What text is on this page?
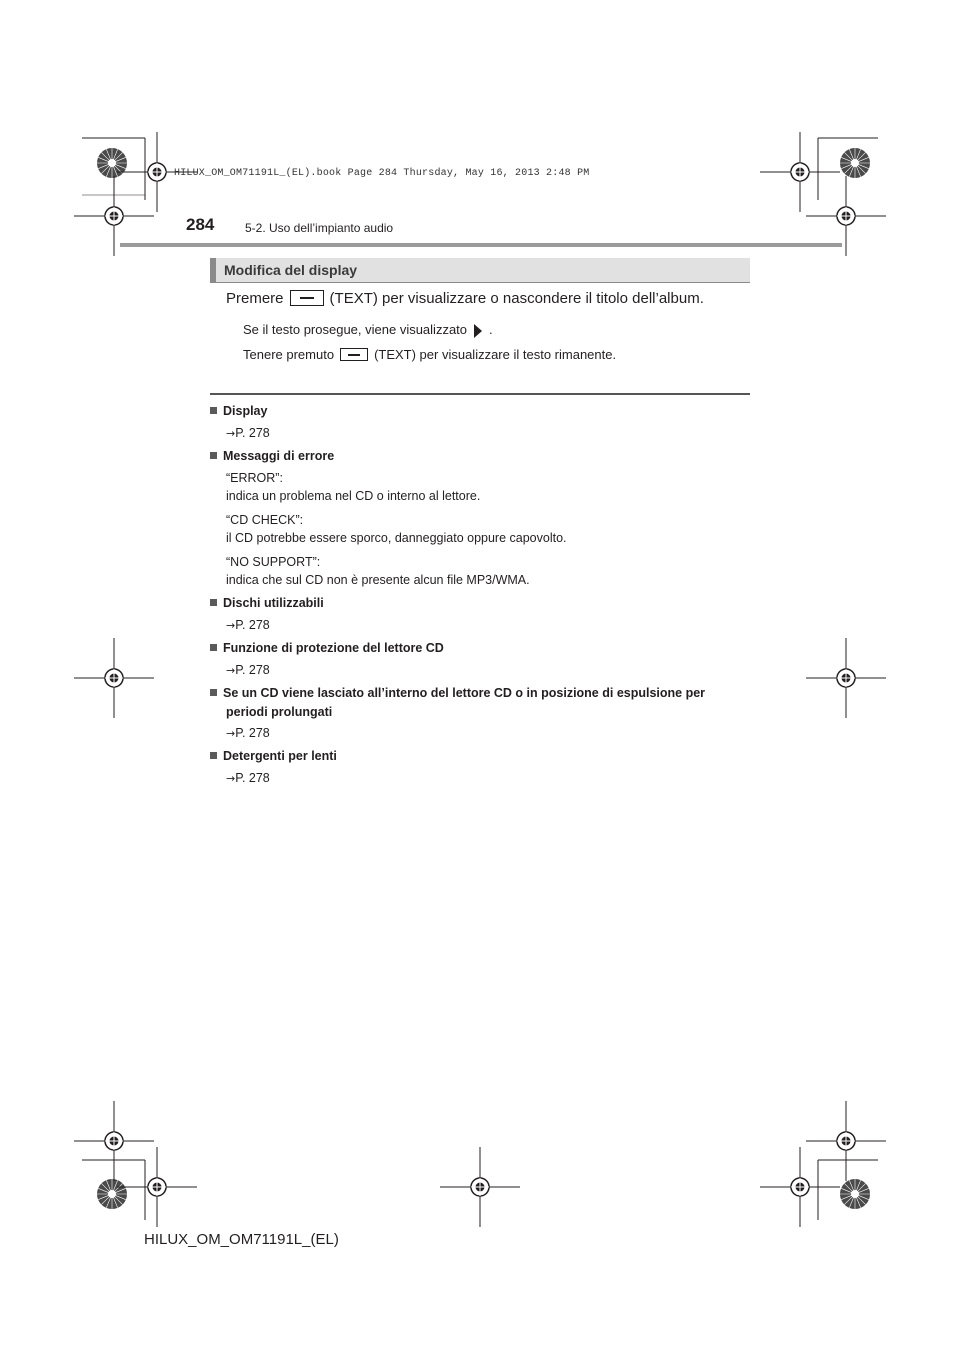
HILUX_OM_OM71191L_(EL).book Page 284 Thursday, May 16, 2013 2:48 PM
284	5-2. Uso dell’impianto audio
Modifica del display
Premere	(TEXT) per visualizzare o nascondere il titolo dell’album.
Se il testo prosegue, viene visualizzato .
Tenere premuto	(TEXT) per visualizzare il testo rimanente.
Display
→P. 278
Messaggi di errore
“ERROR”:
indica un problema nel CD o interno al lettore.
“CD CHECK”:
il CD potrebbe essere sporco, danneggiato oppure capovolto.
“NO SUPPORT”:
indica che sul CD non è presente alcun file MP3/WMA.
Dischi utilizzabili
→P. 278
Funzione di protezione del lettore CD
→P. 278
Se un CD viene lasciato all’interno del lettore CD o in posizione di espulsione per
periodi prolungati
→P. 278
Detergenti per lenti
→P. 278
HILUX_OM_OM71191L_(EL)
